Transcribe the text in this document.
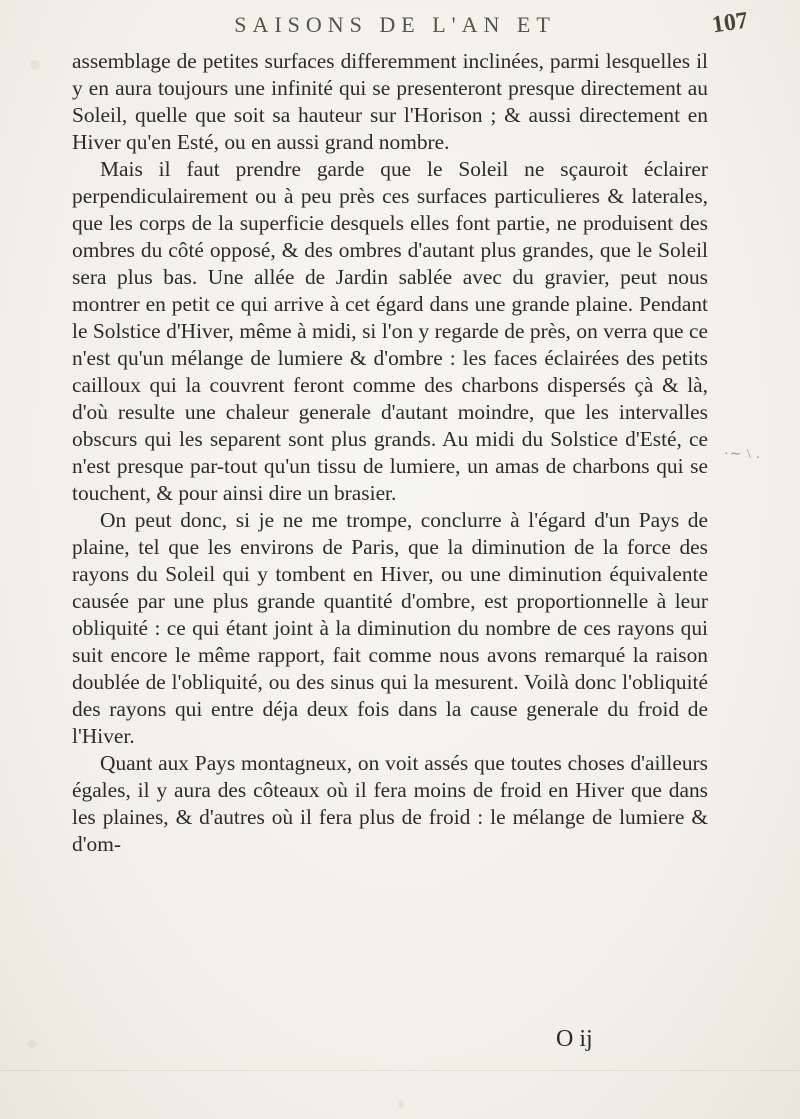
SAISONS DE L'AN ET	107

assemblage de petites surfaces differemment inclinées, parmi lesquelles il y en aura toujours une infinité qui se presenteront presque directement au Soleil, quelle que soit sa hauteur sur l'Horison ; & aussi directement en Hiver qu'en Esté, ou en aussi grand nombre.

Mais il faut prendre garde que le Soleil ne sçauroit éclairer perpendiculairement ou à peu près ces surfaces particulieres & laterales, que les corps de la superficie desquels elles font partie, ne produisent des ombres du côté opposé, & des ombres d'autant plus grandes, que le Soleil sera plus bas. Une allée de Jardin sablée avec du gravier, peut nous montrer en petit ce qui arrive à cet égard dans une grande plaine. Pendant le Solstice d'Hiver, même à midi, si l'on y regarde de près, on verra que ce n'est qu'un mélange de lumiere & d'ombre : les faces éclairées des petits cailloux qui la couvrent feront comme des charbons dispersés çà & là, d'où resulte une chaleur generale d'autant moindre, que les intervalles obscurs qui les separent sont plus grands. Au midi du Solstice d'Esté, ce n'est presque par-tout qu'un tissu de lumiere, un amas de charbons qui se touchent, & pour ainsi dire un brasier.

On peut donc, si je ne me trompe, conclurre à l'égard d'un Pays de plaine, tel que les environs de Paris, que la diminution de la force des rayons du Soleil qui y tombent en Hiver, ou une diminution équivalente causée par une plus grande quantité d'ombre, est proportionnelle à leur obliquité : ce qui étant joint à la diminution du nombre de ces rayons qui suit encore le même rapport, fait comme nous avons remarqué la raison doublée de l'obliquité, ou des sinus qui la mesurent. Voilà donc l'obliquité des rayons qui entre déja deux fois dans la cause generale du froid de l'Hiver.

Quant aux Pays montagneux, on voit assés que toutes choses d'ailleurs égales, il y aura des côteaux où il fera moins de froid en Hiver que dans les plaines, & d'autres où il fera plus de froid : le mélange de lumiere & d'om-

·∼ \ .
O ij
